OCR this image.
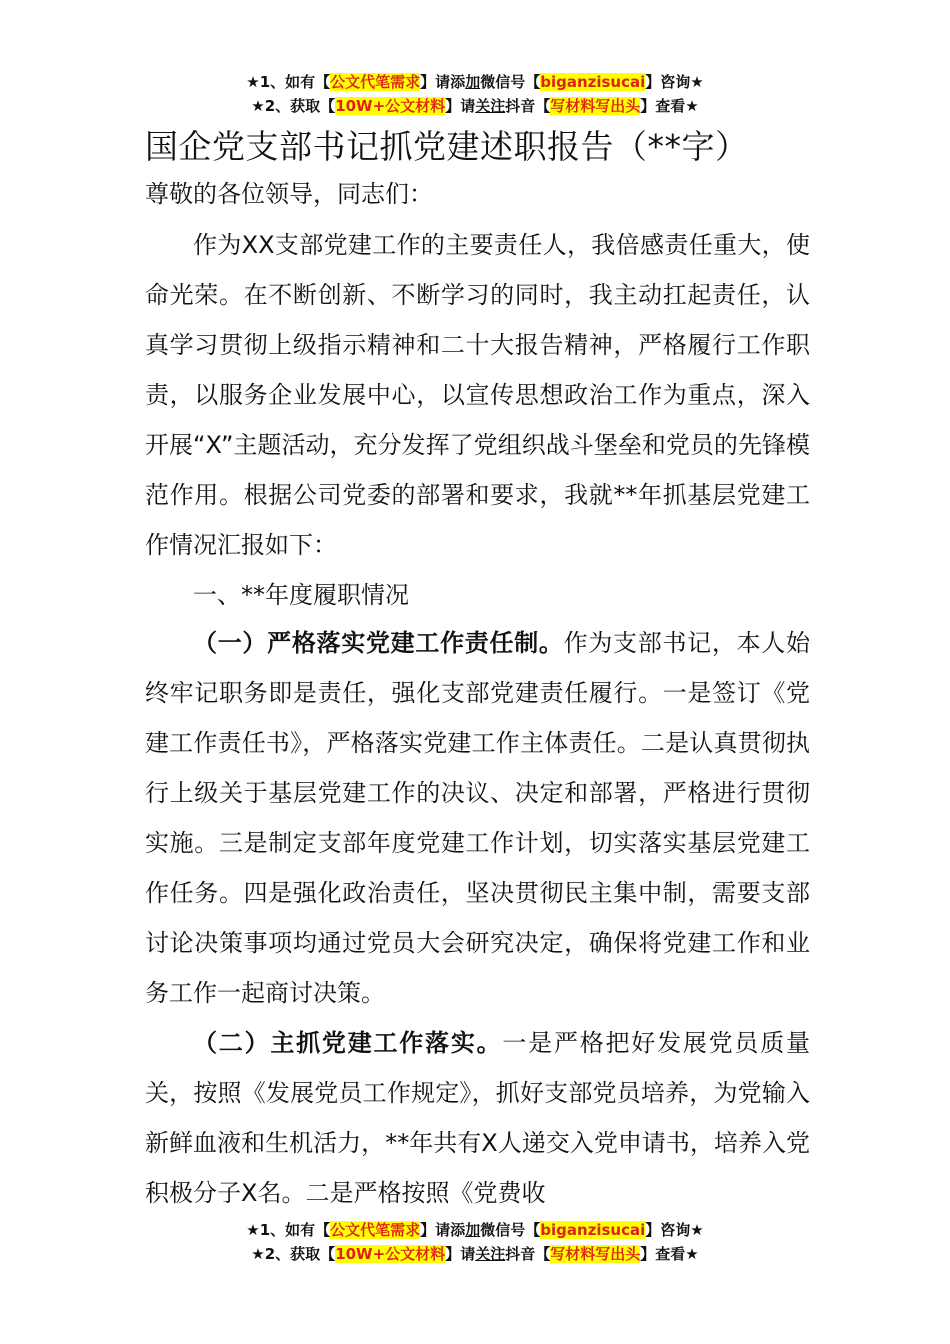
★1、如有【公文代笔需求】请添加微信号【biganzisucai】咨询★
★2、获取【10W+公文材料】请关注抖音【写材料写出头】查看★
国企党支部书记抓党建述职报告（**字）
尊敬的各位领导，同志们：

作为XX支部党建工作的主要责任人，我倍感责任重大，使命光荣。在不断创新、不断学习的同时，我主动扛起责任，认真学习贯彻上级指示精神和二十大报告精神，严格履行工作职责，以服务企业发展中心，以宣传思想政治工作为重点，深入开展“X”主题活动，充分发挥了党组织战斗堡垒和党员的先锋模范作用。根据公司党委的部署和要求，我就**年抓基层党建工作情况汇报如下：

一、**年度履职情况

（一）严格落实党建工作责任制。作为支部书记，本人始终牢记职务即是责任，强化支部党建责任履行。一是签订《党建工作责任书》，严格落实党建工作主体责任。二是认真贯彻执行上级关于基层党建工作的决议、决定和部署，严格进行贯彻实施。三是制定支部年度党建工作计划，切实落实基层党建工作任务。四是强化政治责任，坚决贯彻民主集中制，需要支部讨论决策事项均通过党员大会研究决定，确保将党建工作和业务工作一起商讨决策。

（二）主抓党建工作落实。一是严格把好发展党员质量关，按照《发展党员工作规定》，抓好支部党员培养，为党输入新鲜血液和生机活力，**年共有X人递交入党申请书，培养入党积极分子X名。二是严格按照《党费收

★1、如有【公文代笔需求】请添加微信号【biganzisucai】咨询★
★2、获取【10W+公文材料】请关注抖音【写材料写出头】查看★
